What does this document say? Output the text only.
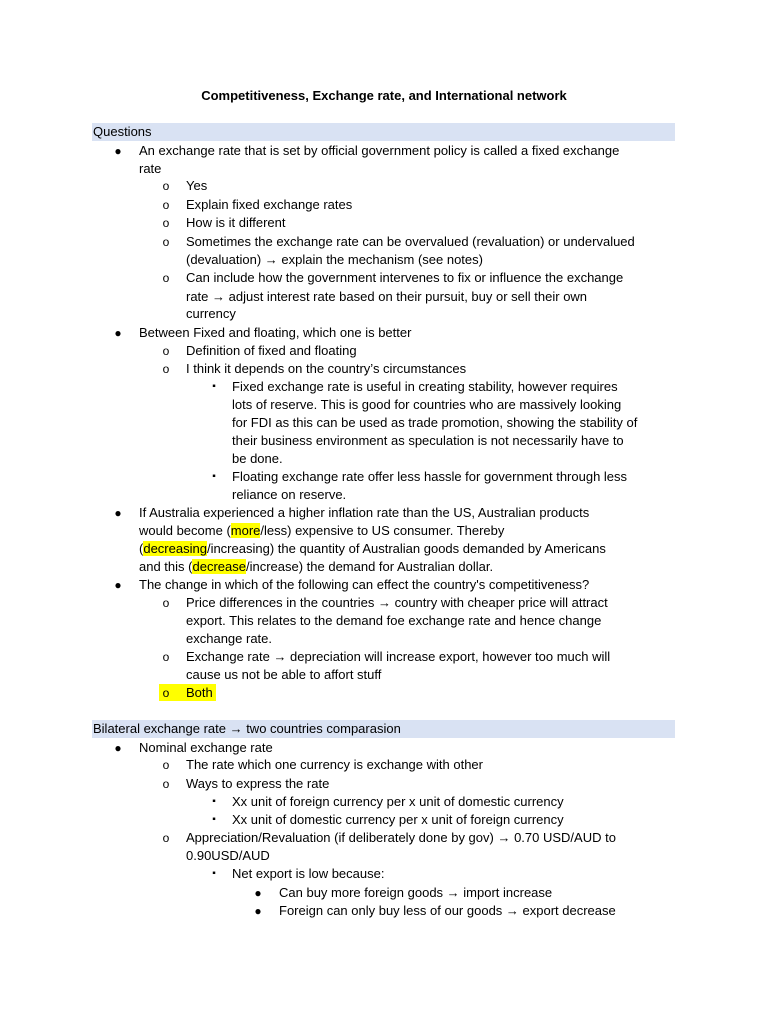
Competitiveness, Exchange rate, and International network
Questions
● An exchange rate that is set by official government policy is called a fixed exchange
rate
o Yes
o Explain fixed exchange rates
o How is it different
o Sometimes the exchange rate can be overvalued (revaluation) or undervalued
(devaluation) → explain the mechanism (see notes)
o Can include how the government intervenes to fix or influence the exchange
rate → adjust interest rate based on their pursuit, buy or sell their own
currency
● Between Fixed and floating, which one is better
o Definition of fixed and floating
o I think it depends on the country’s circumstances
▪	Fixed exchange rate is useful in creating stability, however requires
lots of reserve. This is good for countries who are massively looking
for FDI as this can be used as trade promotion, showing the stability of
their business environment as speculation is not necessarily have to
be done.
▪	Floating exchange rate offer less hassle for government through less
reliance on reserve.
● If Australia experienced a higher inflation rate than the US, Australian products
would become (more/less) expensive to US consumer. Thereby
(decreasing/increasing) the quantity of Australian goods demanded by Americans
and this (decrease/increase) the demand for Australian dollar.
● The change in which of the following can effect the country's competitiveness?
o Price differences in the countries → country with cheaper price will attract
export. This relates to the demand foe exchange rate and hence change
exchange rate.
o Exchange rate → depreciation will increase export, however too much will
cause us not be able to affort stuff
o Both
Bilateral exchange rate → two countries comparasion
● Nominal exchange rate
o The rate which one currency is exchange with other
o Ways to express the rate
▪	Xx unit of foreign currency per x unit of domestic currency
▪	Xx unit of domestic currency per x unit of foreign currency
o Appreciation/Revaluation (if deliberately done by gov) → 0.70 USD/AUD to
0.90USD/AUD
▪	Net export is low because:
● Can buy more foreign goods → import increase
● Foreign can only buy less of our goods → export decrease
